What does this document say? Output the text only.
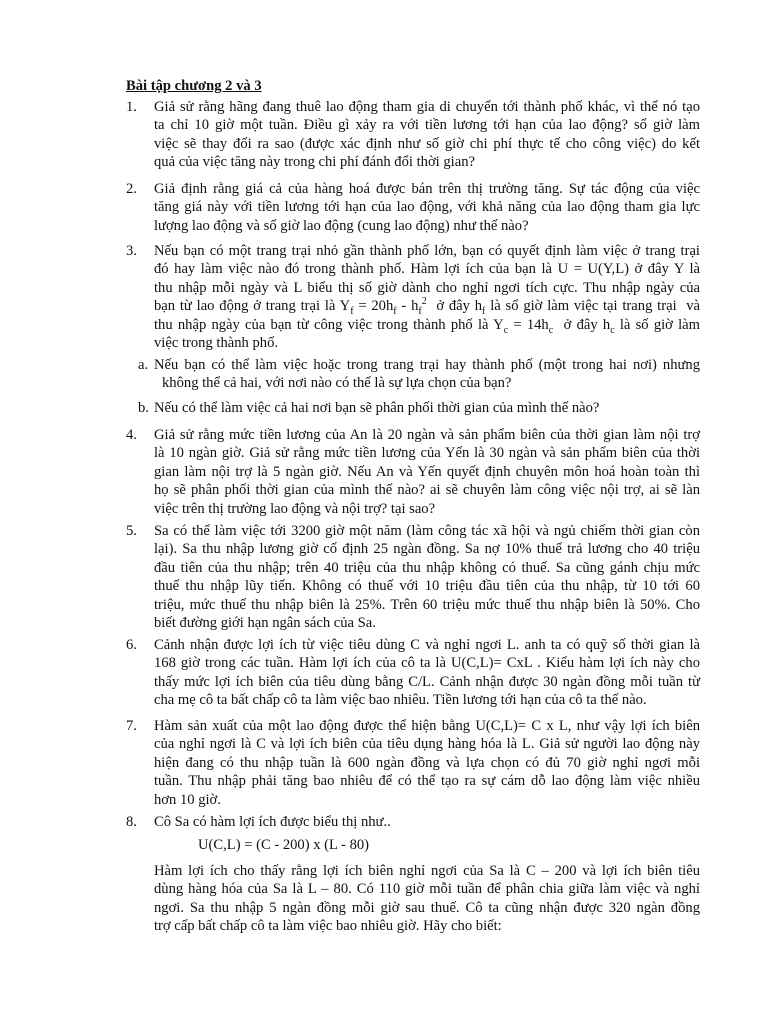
Bài tập chương 2 và 3
1. Giả sử rằng hãng đang thuê lao động tham gia di chuyển tới thành phố khác, vì thế nó tạo
ta chỉ 10 giờ một tuần. Điều gì xảy ra với tiền lương tới hạn của lao động? số giờ làm
việc sẽ thay đổi ra sao (được xác định như số giờ chi phí thực tế cho công việc) do kết
quả của việc tăng này trong chi phí đánh đổi thời gian?
2. Giả định rằng giá cả của hàng hoá được bán trên thị trường tăng. Sự tác động của việc
tăng giá này với tiền lương tới hạn của lao động, với khả năng của lao động tham gia lực
lượng lao động và số giờ lao động (cung lao động) như thế nào?
3. Nếu bạn có một trang trại nhỏ gần thành phố lớn, bạn có quyết định làm việc ở trang trại
đó hay làm việc nào đó trong thành phố. Hàm lợi ích của bạn là U = U(Y,L) ở đây Y là
thu nhập mỗi ngày và L biểu thị số giờ dành cho nghỉ ngơi tích cực. Thu nhập ngày của
bạn từ lao động ở trang trại là $Y_f = 20h_f - h_f^2$  ở đây $h_f$ là số giờ làm việc tại trang trại  và
thu nhập ngày của bạn từ công việc trong thành phố là $Y_c = 14h_c$  ở đây $h_c$ là số giờ làm
việc trong thành phố.
a. Nếu bạn có thể làm việc hoặc trong trang trại hay thành phố (một trong hai nơi) nhưng
không thể cả hai, với nơi nào có thể là sự lựa chọn của bạn?
b. Nếu có thể làm việc cả hai nơi bạn sẽ phân phối thời gian của mình thế nào?
4. Giả sử rằng mức tiền lương của An là 20 ngàn và sản phẩm biên của thời gian làm nội trợ
là 10 ngàn giờ. Giả sử rằng mức tiền lương của Yến là 30 ngàn và sản phẩm biên của thời
gian làm nội trợ là 5 ngàn giờ. Nếu An và Yến quyết định chuyên môn hoá hoàn toàn thì
họ sẽ phân phối thời gian của mình thế nào? ai sẽ chuyên làm công việc nội trợ, ai sẽ làn
việc trên thị trường lao động và nội trợ? tại sao?
5. Sa có thể làm việc tới 3200 giờ một năm (làm công tác xã hội và ngủ chiếm thời gian còn
lại). Sa thu nhập lương giờ cố định 25 ngàn đồng. Sa nợ 10% thuế trả lương cho 40 triệu
đầu tiên của thu nhập; trên 40 triệu của thu nhập không có thuế. Sa cũng gánh chịu mức
thuế thu nhập lũy tiến. Không có thuế với 10 triệu đầu tiên của thu nhập, từ 10 tới 60
triệu, mức thuế thu nhập biên là 25%. Trên 60 triệu mức thuế thu nhập biên là 50%. Cho
biết đường giới hạn ngân sách của Sa.
6. Cảnh nhận được lợi ích từ việc tiêu dùng C và nghỉ ngơi L. anh ta có quỹ số thời gian là
168 giờ trong các tuần. Hàm lợi ích của cô ta là U(C,L)= CxL . Kiểu hàm lợi ích này cho
thấy mức lợi ích biên của tiêu dùng bằng C/L. Cảnh nhận được 30 ngàn đồng mỗi tuần từ
cha mẹ cô ta bất chấp cô ta làm việc bao nhiêu. Tiền lương tới hạn của cô ta thế nào.
7. Hàm sản xuất của một lao động được thể hiện bằng U(C,L)= C x L, như vậy lợi ích biên
của nghỉ ngơi là C và lợi ích biên của tiêu dụng hàng hóa là L. Giả sử người lao động này
hiện đang có thu nhập tuần là 600 ngàn đồng và lựa chọn có đủ 70 giờ nghỉ ngơi mỗi
tuần. Thu nhập phải tăng bao nhiêu để có thể tạo ra sự cám dỗ lao động làm việc nhiều
hơn 10 giờ.
8. Cô Sa có hàm lợi ích được biểu thị như..
U(C,L) = (C - 200) x (L - 80)
Hàm lợi ích cho thấy rằng lợi ích biên nghỉ ngơi của Sa là C – 200 và lợi ích biên tiêu
dùng hàng hóa của Sa là L – 80. Có 110 giờ mỗi tuần để phân chia giữa làm việc và nghỉ
ngơi. Sa thu nhập 5 ngàn đồng mỗi giờ sau thuế. Cô ta cũng nhận được 320 ngàn đồng
trợ cấp bất chấp cô ta làm việc bao nhiêu giờ. Hãy cho biết:
